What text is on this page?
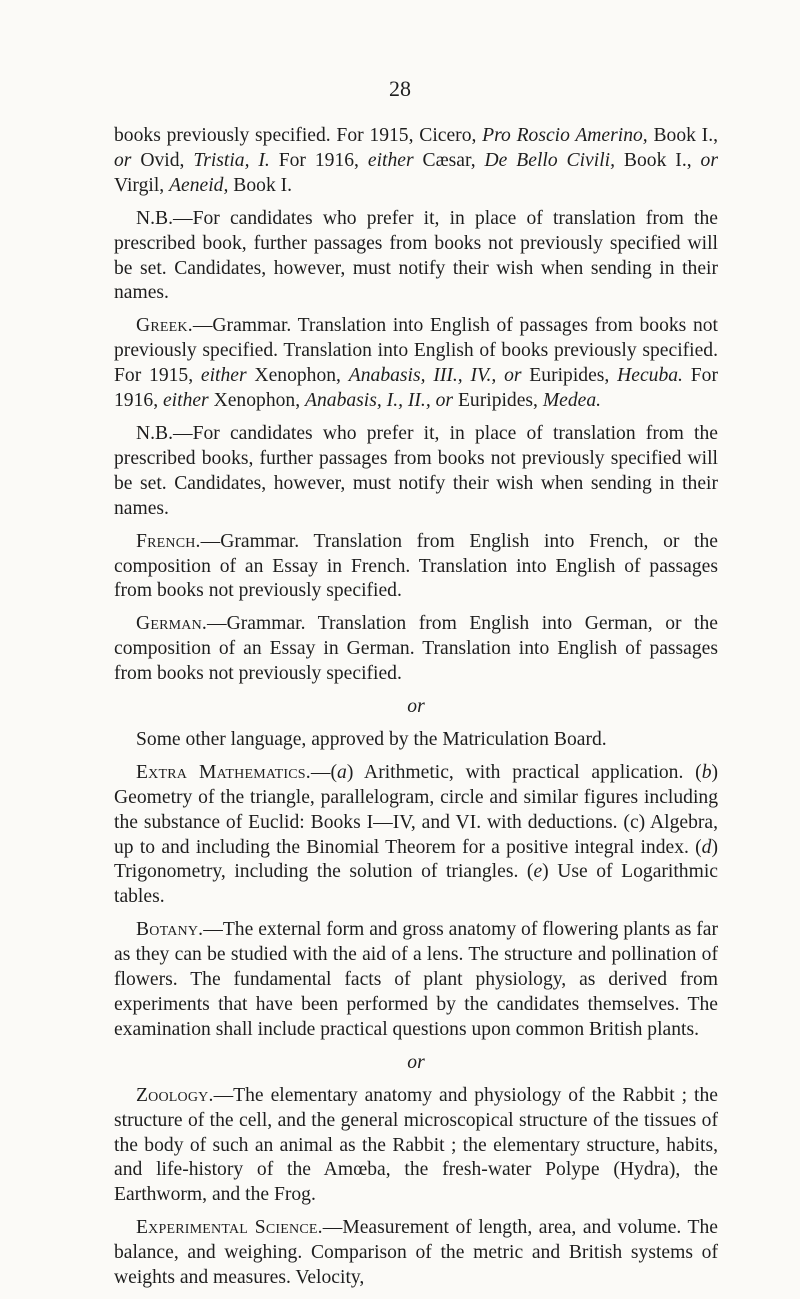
28

books previously specified. For 1915, Cicero, Pro Roscio Amerino, Book I., or Ovid, Tristia, I. For 1916, either Cæsar, De Bello Civili, Book I., or Virgil, Aeneid, Book I.

N.B.—For candidates who prefer it, in place of translation from the prescribed book, further passages from books not previously specified will be set. Candidates, however, must notify their wish when sending in their names.

Greek.—Grammar. Translation into English of passages from books not previously specified. Translation into English of books previously specified. For 1915, either Xenophon, Anabasis, III., IV., or Euripides, Hecuba. For 1916, either Xenophon, Anabasis, I., II., or Euripides, Medea.

N.B.—For candidates who prefer it, in place of translation from the prescribed books, further passages from books not previously specified will be set. Candidates, however, must notify their wish when sending in their names.

French.—Grammar. Translation from English into French, or the composition of an Essay in French. Translation into English of passages from books not previously specified.

German.—Grammar. Translation from English into German, or the composition of an Essay in German. Translation into English of passages from books not previously specified.

or

Some other language, approved by the Matriculation Board.

Extra Mathematics.—(a) Arithmetic, with practical application. (b) Geometry of the triangle, parallelogram, circle and similar figures including the substance of Euclid: Books I—IV, and VI. with deductions. (c) Algebra, up to and including the Binomial Theorem for a positive integral index. (d) Trigonometry, including the solution of triangles. (e) Use of Logarithmic tables.

Botany.—The external form and gross anatomy of flowering plants as far as they can be studied with the aid of a lens. The structure and pollination of flowers. The fundamental facts of plant physiology, as derived from experiments that have been performed by the candidates themselves. The examination shall include practical questions upon common British plants.

or

Zoology.—The elementary anatomy and physiology of the Rabbit ; the structure of the cell, and the general microscopical structure of the tissues of the body of such an animal as the Rabbit ; the elementary structure, habits, and life-history of the Amœba, the fresh-water Polype (Hydra), the Earthworm, and the Frog.

Experimental Science.—Measurement of length, area, and volume. The balance, and weighing. Comparison of the metric and British systems of weights and measures. Velocity,
